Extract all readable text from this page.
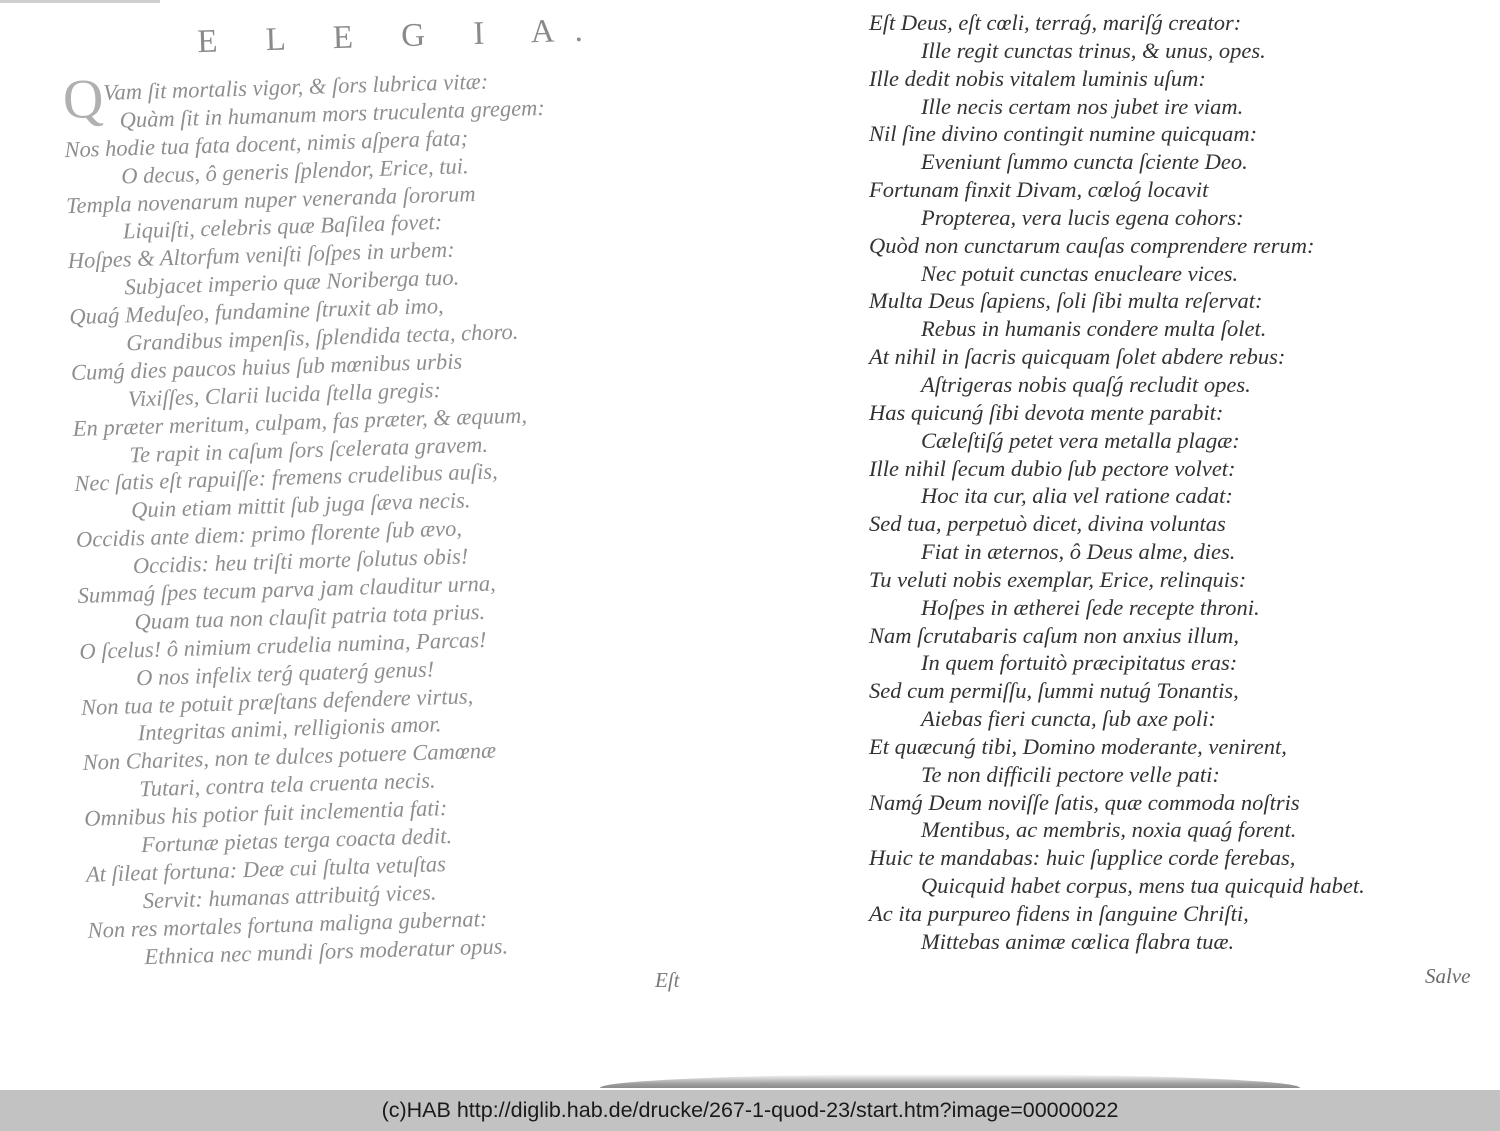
E L E G I A.
QVam ſit mortalis vigor, & ſors lubrica vitæ:
Quàm ſit in humanum mors truculenta gregem:
Nos hodie tua fata docent, nimis aſpera fata;
O decus, ô generis ſplendor, Erice, tui.
Templa novenarum nuper veneranda ſororum
Liquiſti, celebris quæ Baſilea fovet:
Hoſpes & Altorfum veniſti ſoſpes in urbem:
Subjacet imperio quæ Noriberga tuo.
Quaǵ Meduſeo, fundamine ſtruxit ab imo,
Grandibus impenſis, ſplendida tecta, choro.
Cumǵ dies paucos huius ſub mœnibus urbis
Vixiſſes, Clarii lucida ſtella gregis:
En præter meritum, culpam, fas præter, & æquum,
Te rapit in caſum ſors ſcelerata gravem.
Nec ſatis eſt rapuiſſe: fremens crudelibus auſis,
Quin etiam mittit ſub juga ſæva necis.
Occidis ante diem: primo florente ſub ævo,
Occidis: heu triſti morte ſolutus obis!
Summaǵ ſpes tecum parva jam clauditur urna,
Quam tua non clauſit patria tota prius.
O ſcelus! ô nimium crudelia numina, Parcas!
O nos infelix terǵ quaterǵ genus!
Non tua te potuit præſtans defendere virtus,
Integritas animi, relligionis amor.
Non Charites, non te dulces potuere Camœnæ
Tutari, contra tela cruenta necis.
Omnibus his potior fuit inclementia fati:
Fortunæ pietas terga coacta dedit.
At ſileat fortuna: Deæ cui ſtulta vetuſtas
Servit: humanas attribuitǵ vices.
Non res mortales fortuna maligna gubernat:
Ethnica nec mundi ſors moderatur opus.

Eſt

Eſt Deus, eſt cœli, terraǵ, mariſǵ creator:
Ille regit cunctas trinus, & unus, opes.
Ille dedit nobis vitalem luminis uſum:
Ille necis certam nos jubet ire viam.
Nil ſine divino contingit numine quicquam:
Eveniunt ſummo cuncta ſciente Deo.
Fortunam finxit Divam, cœloǵ locavit
Propterea, vera lucis egena cohors:
Quòd non cunctarum cauſas comprendere rerum:
Nec potuit cunctas enucleare vices.
Multa Deus ſapiens, ſoli ſibi multa reſervat:
Rebus in humanis condere multa ſolet.
At nihil in ſacris quicquam ſolet abdere rebus:
Aſtrigeras nobis quaſǵ recludit opes.
Has quicunǵ ſibi devota mente parabit:
Cæleſtiſǵ petet vera metalla plagæ:
Ille nihil ſecum dubio ſub pectore volvet:
Hoc ita cur, alia vel ratione cadat:
Sed tua, perpetuò dicet, divina voluntas
Fiat in æternos, ô Deus alme, dies.
Tu veluti nobis exemplar, Erice, relinquis:
Hoſpes in ætherei ſede recepte throni.
Nam ſcrutabaris caſum non anxius illum,
In quem fortuitò præcipitatus eras:
Sed cum permiſſu, ſummi nutuǵ Tonantis,
Aiebas fieri cuncta, ſub axe poli:
Et quæcunǵ tibi, Domino moderante, venirent,
Te non difficili pectore velle pati:
Namǵ Deum noviſſe ſatis, quæ commoda noſtris
Mentibus, ac membris, noxia quaǵ forent.
Huic te mandabas: huic ſupplice corde ferebas,
Quicquid habet corpus, mens tua quicquid habet.
Ac ita purpureo fidens in ſanguine Chriſti,
Mittebas animæ cœlica flabra tuæ.

Salve

(c)HAB http://diglib.hab.de/drucke/267-1-quod-23/start.htm?image=00000022
